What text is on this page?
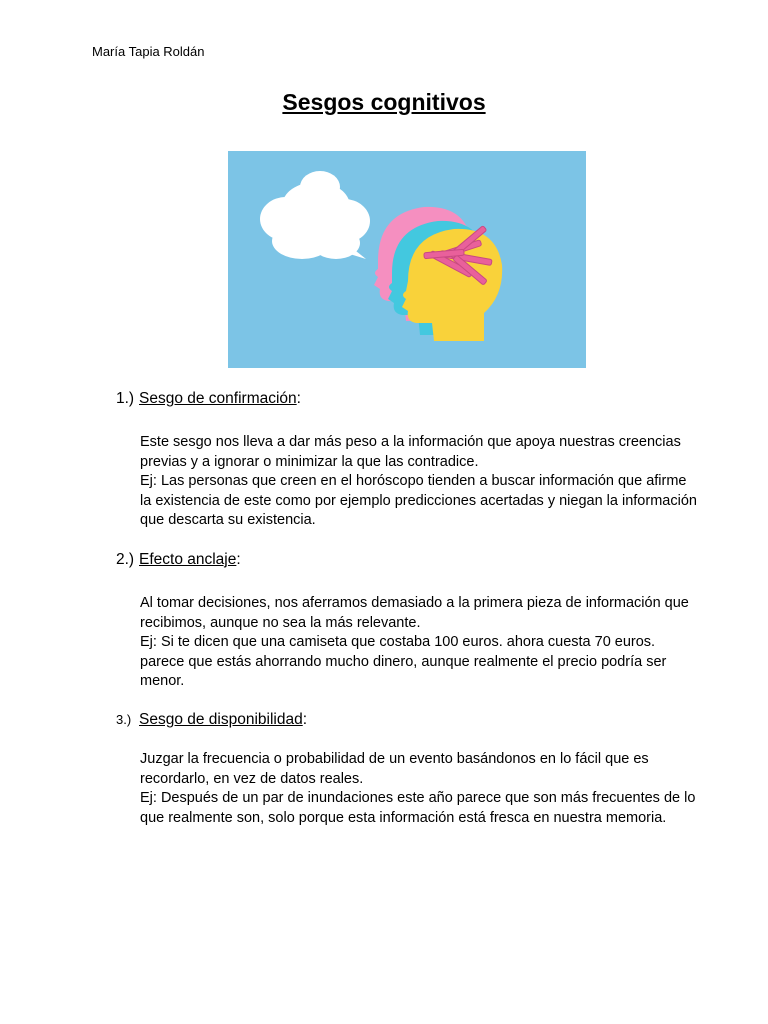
María Tapia Roldán
Sesgos cognitivos
1.) Sesgo de confirmación:

Este sesgo nos lleva a dar más peso a la información que apoya nuestras creencias previas y a ignorar o minimizar la que las contradice.

Ej: Las personas que creen en el horóscopo tienden a buscar información que afirme la existencia de este como por ejemplo predicciones acertadas y niegan la información que descarta su existencia.

2.) Efecto anclaje:

Al tomar decisiones, nos aferramos demasiado a la primera pieza de información que recibimos, aunque no sea la más relevante.

Ej: Si te dicen que una camiseta que costaba 100 euros. ahora cuesta 70 euros. parece que estás ahorrando mucho dinero, aunque realmente el precio podría ser menor.

3.) Sesgo de disponibilidad:

Juzgar la frecuencia o probabilidad de un evento basándonos en lo fácil que es recordarlo, en vez de datos reales.

Ej: Después de un par de inundaciones este año parece que son más frecuentes de lo que realmente son, solo porque esta información está fresca en nuestra memoria.
